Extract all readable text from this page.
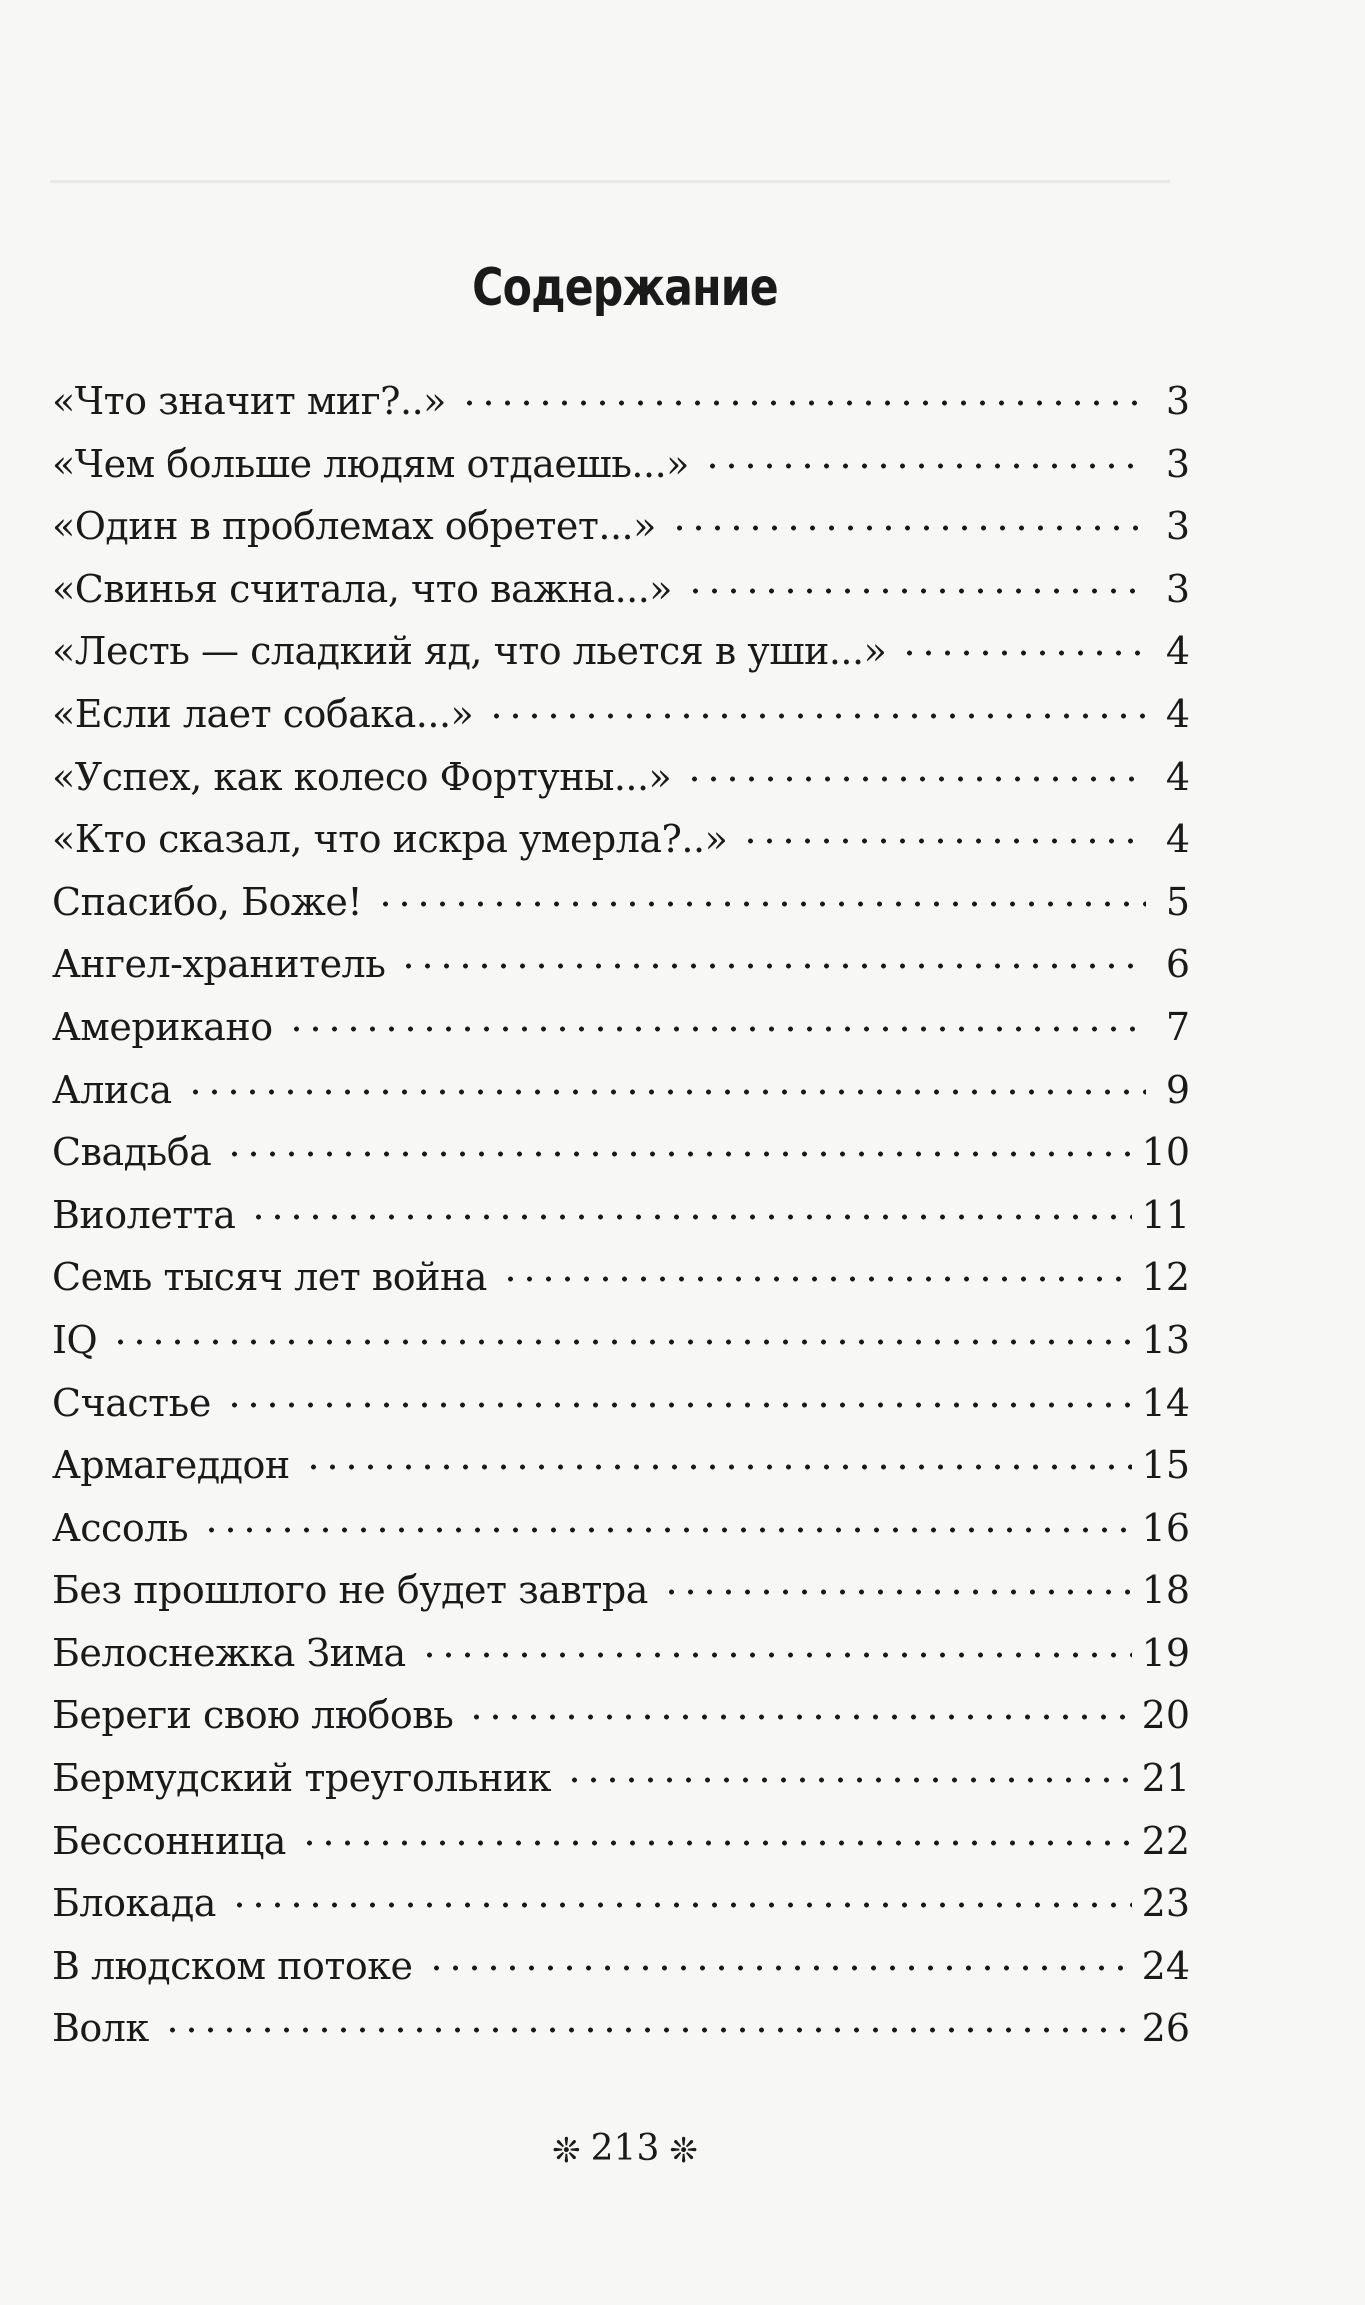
Содержание
«Что значит миг?..»	3
«Чем больше людям отдаешь...»	3
«Один в проблемах обретет...»	3
«Свинья считала, что важна...»	3
«Лесть — сладкий яд, что льется в уши...»	4
«Если лает собака...»	4
«Успех, как колесо Фортуны...»	4
«Кто сказал, что искра умерла?..»	4
Спасибо, Боже!	5
Ангел-хранитель	6
Американо	7
Алиса	9
Свадьба	10
Виолетта	11
Семь тысяч лет война	12
IQ	13
Счастье	14
Армагеддон	15
Ассоль	16
Без прошлого не будет завтра	18
Белоснежка Зима	19
Береги свою любовь	20
Бермудский треугольник	21
Бессонница	22
Блокада	23
В людском потоке	24
Волк	26
❊ 213 ❊
